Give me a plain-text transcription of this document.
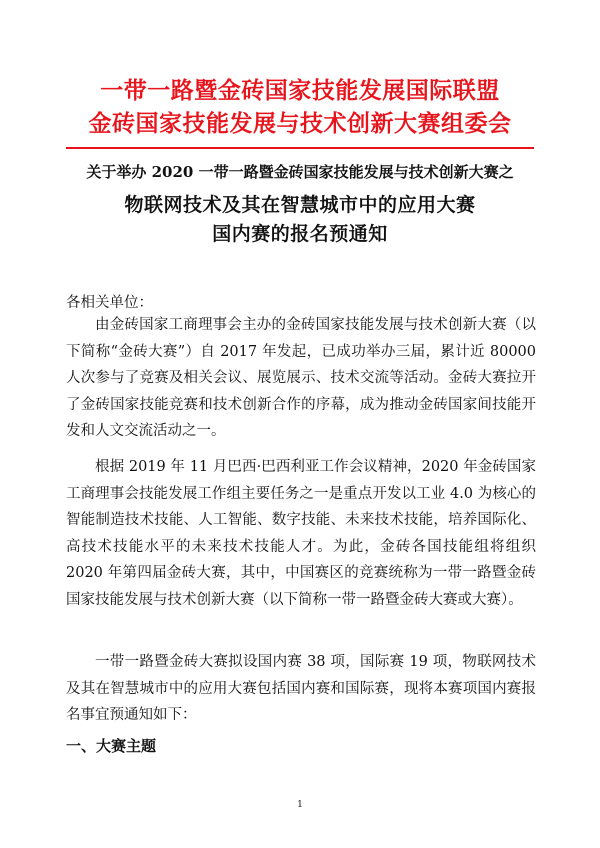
一带一路暨金砖国家技能发展国际联盟
金砖国家技能发展与技术创新大赛组委会
关于举办 2020 一带一路暨金砖国家技能发展与技术创新大赛之
物联网技术及其在智慧城市中的应用大赛
国内赛的报名预通知
各相关单位：
由金砖国家工商理事会主办的金砖国家技能发展与技术创新大赛（以下简称“金砖大赛”）自 2017 年发起，已成功举办三届，累计近 80000 人次参与了竞赛及相关会议、展览展示、技术交流等活动。金砖大赛拉开了金砖国家技能竞赛和技术创新合作的序幕，成为推动金砖国家间技能开发和人文交流活动之一。
根据 2019 年 11 月巴西·巴西利亚工作会议精神，2020 年金砖国家工商理事会技能发展工作组主要任务之一是重点开发以工业 4.0 为核心的智能制造技术技能、人工智能、数字技能、未来技术技能，培养国际化、高技术技能水平的未来技术技能人才。为此，金砖各国技能组将组织 2020 年第四届金砖大赛，其中，中国赛区的竞赛统称为一带一路暨金砖国家技能发展与技术创新大赛（以下简称一带一路暨金砖大赛或大赛）。
一带一路暨金砖大赛拟设国内赛 38 项，国际赛 19 项，物联网技术及其在智慧城市中的应用大赛包括国内赛和国际赛，现将本赛项国内赛报名事宜预通知如下：
一、大赛主题
1
